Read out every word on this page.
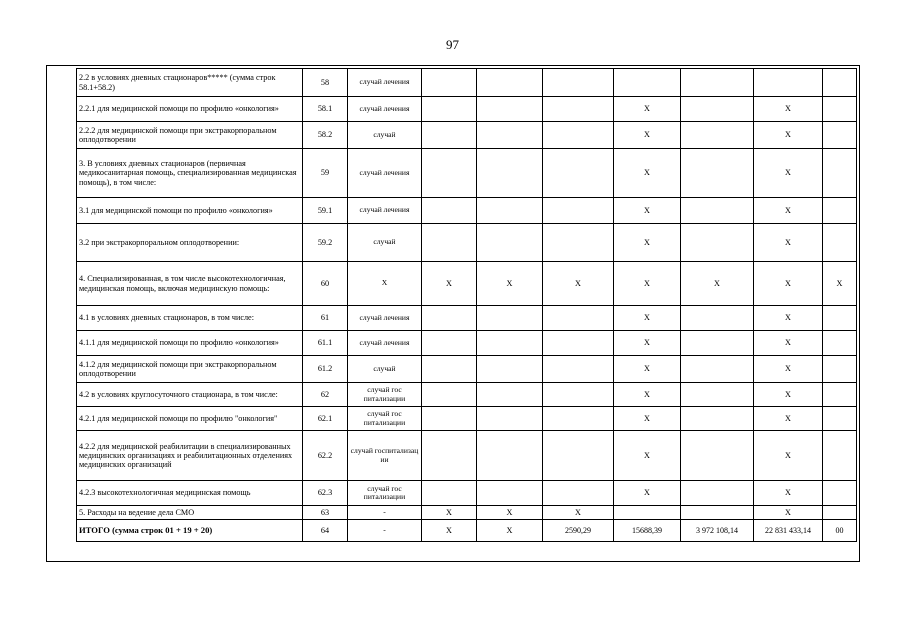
97
2.2 в условиях дневных стационаров***** (сумма строк 58.1+58.2)	58	случай лечения							
2.2.1 для медицинской помощи по профилю «онкология»	58.1	случай лечения				Х		Х	
2.2.2 для медицинской помощи при экстракорпоральном оплодотворении	58.2	случай				Х		Х	
3. В условиях дневных стационаров (первичная медикосанитарная помощь, специализированная медицинская помощь), в том числе:	59	случай лечения				Х		Х	
3.1 для медицинской помощи по профилю «онкология»	59.1	случай лечения				Х		Х	
3.2 при экстракорпоральном оплодотворении:	59.2	случай				Х		Х	
4. Специализированная, в том числе высокотехнологичная, медицинская помощь, включая медицинскую помощь:	60	Х	Х	Х	Х	Х	Х	Х	Х
4.1 в условиях дневных стационаров, в том числе:	61	случай лечения				Х		Х	
4.1.1 для медицинской помощи по профилю «онкология»	61.1	случай лечения				Х		Х	
4.1.2 для медицинской помощи при экстракорпоральном оплодотворении	61.2	случай				Х		Х	
4.2 в условиях круглосуточного стационара, в том числе:	62	случай гос питализации				Х		Х	
4.2.1 для медицинской помощи по профилю "онкология"	62.1	случай гос питализации				Х		Х	
4.2.2 для медицинской реабилитации в специализированных медицинских организациях и реабилитационных отделениях медицинских организаций	62.2	случай госпитализац ии				Х		Х	
4.2.3 высокотехнологичная медицинская помощь	62.3	случай гос питализации				Х		Х	
5. Расходы на ведение дела СМО	63	-	Х	Х	Х			Х	
ИТОГО (сумма строк 01 + 19 + 20)	64	-	Х	Х	2590,29	15688,39	3 972 108,14	22 831 433,14	00
